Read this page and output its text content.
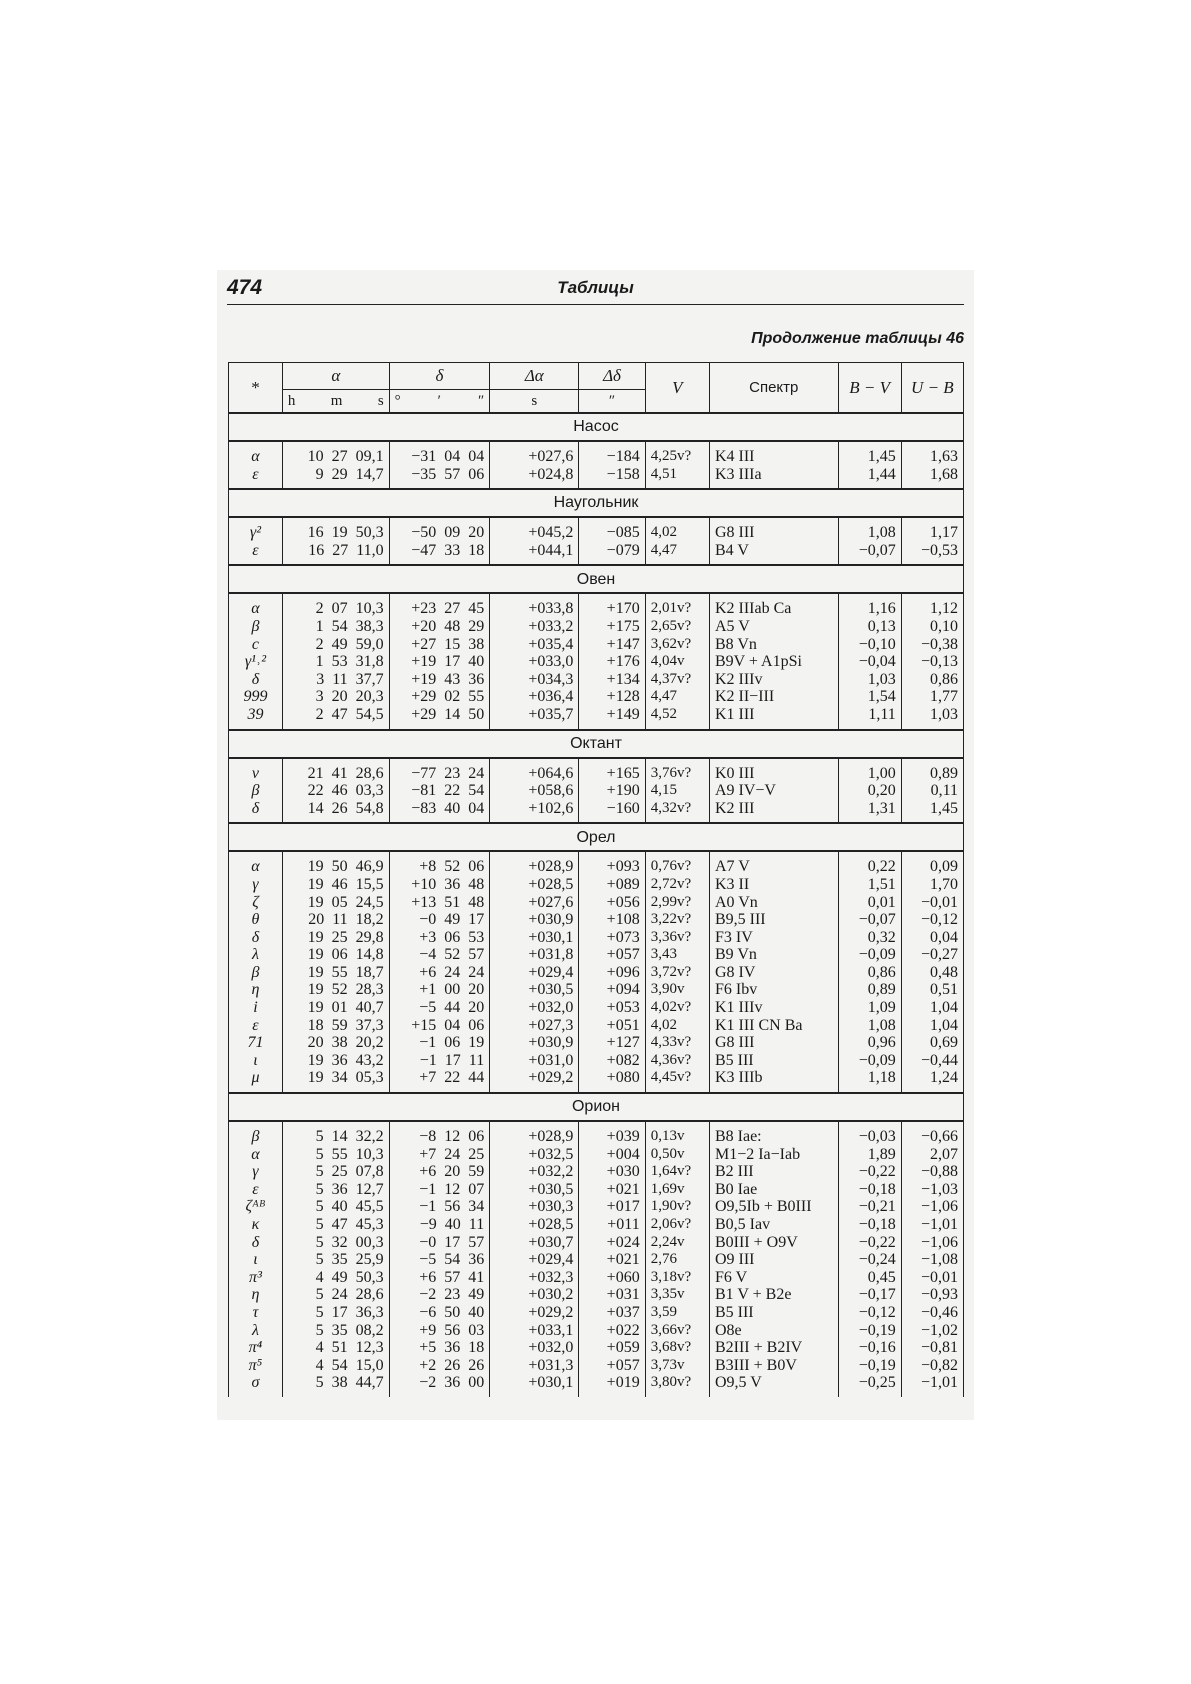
474	Таблицы
Продолжение таблицы 46
*	α	δ	Δα	Δδ	V	Спектр	B − V	U − B

	h m s	° ′ ″	s	″				
Насос								
α	10 27 09,1	−31 04 04	+027,6	−184	4,25v?	K4 III	1,45	1,63
ε	9 29 14,7	−35 57 06	+024,8	−158	4,51	K3 IIIa	1,44	1,68
Наугольник								
γ²	16 19 50,3	−50 09 20	+045,2	−085	4,02	G8 III	1,08	1,17
ε	16 27 11,0	−47 33 18	+044,1	−079	4,47	B4 V	−0,07	−0,53
Овен								
α	2 07 10,3	+23 27 45	+033,8	+170	2,01v?	K2 IIIab Ca	1,16	1,12
β	1 54 38,3	+20 48 29	+033,2	+175	2,65v?	A5 V	0,13	0,10
c	2 49 59,0	+27 15 38	+035,4	+147	3,62v?	B8 Vn	−0,10	−0,38
γ¹˒²	1 53 31,8	+19 17 40	+033,0	+176	4,04v	B9V + A1pSi	−0,04	−0,13
δ	3 11 37,7	+19 43 36	+034,3	+134	4,37v?	K2 IIIv	1,03	0,86
999	3 20 20,3	+29 02 55	+036,4	+128	4,47	K2 II−III	1,54	1,77
39	2 47 54,5	+29 14 50	+035,7	+149	4,52	K1 III	1,11	1,03
Октант								
ν	21 41 28,6	−77 23 24	+064,6	+165	3,76v?	K0 III	1,00	0,89
β	22 46 03,3	−81 22 54	+058,6	+190	4,15	A9 IV−V	0,20	0,11
δ	14 26 54,8	−83 40 04	+102,6	−160	4,32v?	K2 III	1,31	1,45
Орел								
α	19 50 46,9	+8 52 06	+028,9	+093	0,76v?	A7 V	0,22	0,09
γ	19 46 15,5	+10 36 48	+028,5	+089	2,72v?	K3 II	1,51	1,70
ζ	19 05 24,5	+13 51 48	+027,6	+056	2,99v?	A0 Vn	0,01	−0,01
θ	20 11 18,2	−0 49 17	+030,9	+108	3,22v?	B9,5 III	−0,07	−0,12
δ	19 25 29,8	+3 06 53	+030,1	+073	3,36v?	F3 IV	0,32	0,04
λ	19 06 14,8	−4 52 57	+031,8	+057	3,43	B9 Vn	−0,09	−0,27
β	19 55 18,7	+6 24 24	+029,4	+096	3,72v?	G8 IV	0,86	0,48
η	19 52 28,3	+1 00 20	+030,5	+094	3,90v	F6 Ibv	0,89	0,51
i	19 01 40,7	−5 44 20	+032,0	+053	4,02v?	K1 IIIv	1,09	1,04
ε	18 59 37,3	+15 04 06	+027,3	+051	4,02	K1 III CN Ba	1,08	1,04
71	20 38 20,2	−1 06 19	+030,9	+127	4,33v?	G8 III	0,96	0,69
ι	19 36 43,2	−1 17 11	+031,0	+082	4,36v?	B5 III	−0,09	−0,44
μ	19 34 05,3	+7 22 44	+029,2	+080	4,45v?	K3 IIIb	1,18	1,24
Орион								
β	5 14 32,2	−8 12 06	+028,9	+039	0,13v	B8 Iae:	−0,03	−0,66
α	5 55 10,3	+7 24 25	+032,5	+004	0,50v	M1−2 Ia−Iab	1,89	2,07
γ	5 25 07,8	+6 20 59	+032,2	+030	1,64v?	B2 III	−0,22	−0,88
ε	5 36 12,7	−1 12 07	+030,5	+021	1,69v	B0 Iae	−0,18	−1,03
ζᴬᴮ	5 40 45,5	−1 56 34	+030,3	+017	1,90v?	O9,5Ib + B0III	−0,21	−1,06
κ	5 47 45,3	−9 40 11	+028,5	+011	2,06v?	B0,5 Iav	−0,18	−1,01
δ	5 32 00,3	−0 17 57	+030,7	+024	2,24v	B0III + O9V	−0,22	−1,06
ι	5 35 25,9	−5 54 36	+029,4	+021	2,76	O9 III	−0,24	−1,08
π³	4 49 50,3	+6 57 41	+032,3	+060	3,18v?	F6 V	0,45	−0,01
η	5 24 28,6	−2 23 49	+030,2	+031	3,35v	B1 V + B2e	−0,17	−0,93
τ	5 17 36,3	−6 50 40	+029,2	+037	3,59	B5 III	−0,12	−0,46
λ	5 35 08,2	+9 56 03	+033,1	+022	3,66v?	O8e	−0,19	−1,02
π⁴	4 51 12,3	+5 36 18	+032,0	+059	3,68v?	B2III + B2IV	−0,16	−0,81
π⁵	4 54 15,0	+2 26 26	+031,3	+057	3,73v	B3III + B0V	−0,19	−0,82
σ	5 38 44,7	−2 36 00	+030,1	+019	3,80v?	O9,5 V	−0,25	−1,01
